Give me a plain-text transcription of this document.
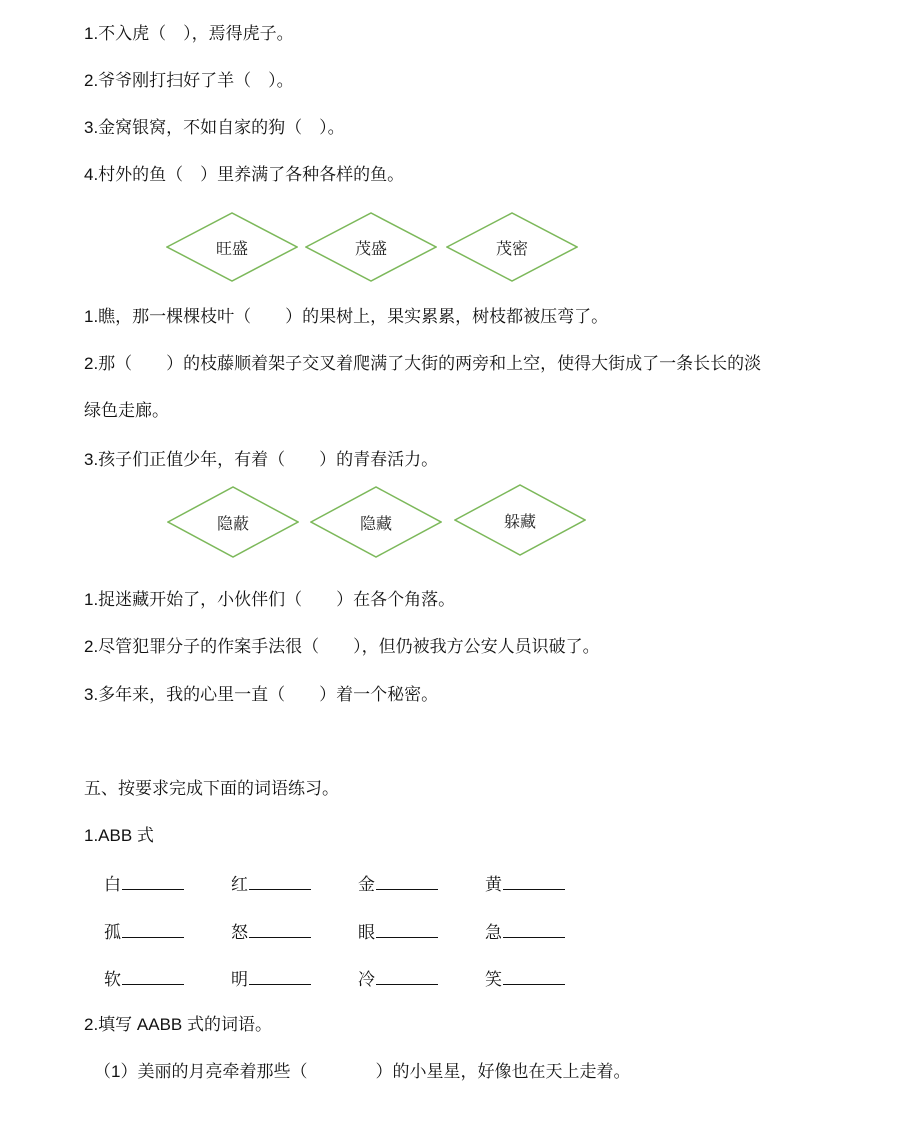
1.不入虎（　），焉得虎子。

2.爷爷刚打扫好了羊（　）。

3.金窝银窝，不如自家的狗（　）。

4.村外的鱼（　）里养满了各种各样的鱼。

旺盛	茂盛	茂密

1.瞧，那一棵棵枝叶（　　）的果树上，果实累累，树枝都被压弯了。

2.那（　　）的枝藤顺着架子交叉着爬满了大街的两旁和上空，使得大街成了一条长长的淡

绿色走廊。

3.孩子们正值少年，有着（　　）的青春活力。

隐蔽	隐藏	躲藏

1.捉迷藏开始了，小伙伴们（　　）在各个角落。

2.尽管犯罪分子的作案手法很（　　），但仍被我方公安人员识破了。

3.多年来，我的心里一直（　　）着一个秘密。

五、按要求完成下面的词语练习。

1.ABB 式

白	红	金	黄
孤	怒	眼	急
软	明	冷	笑

2.填写 AABB 式的词语。

（1）美丽的月亮牵着那些（　　　　）的小星星，好像也在天上走着。
